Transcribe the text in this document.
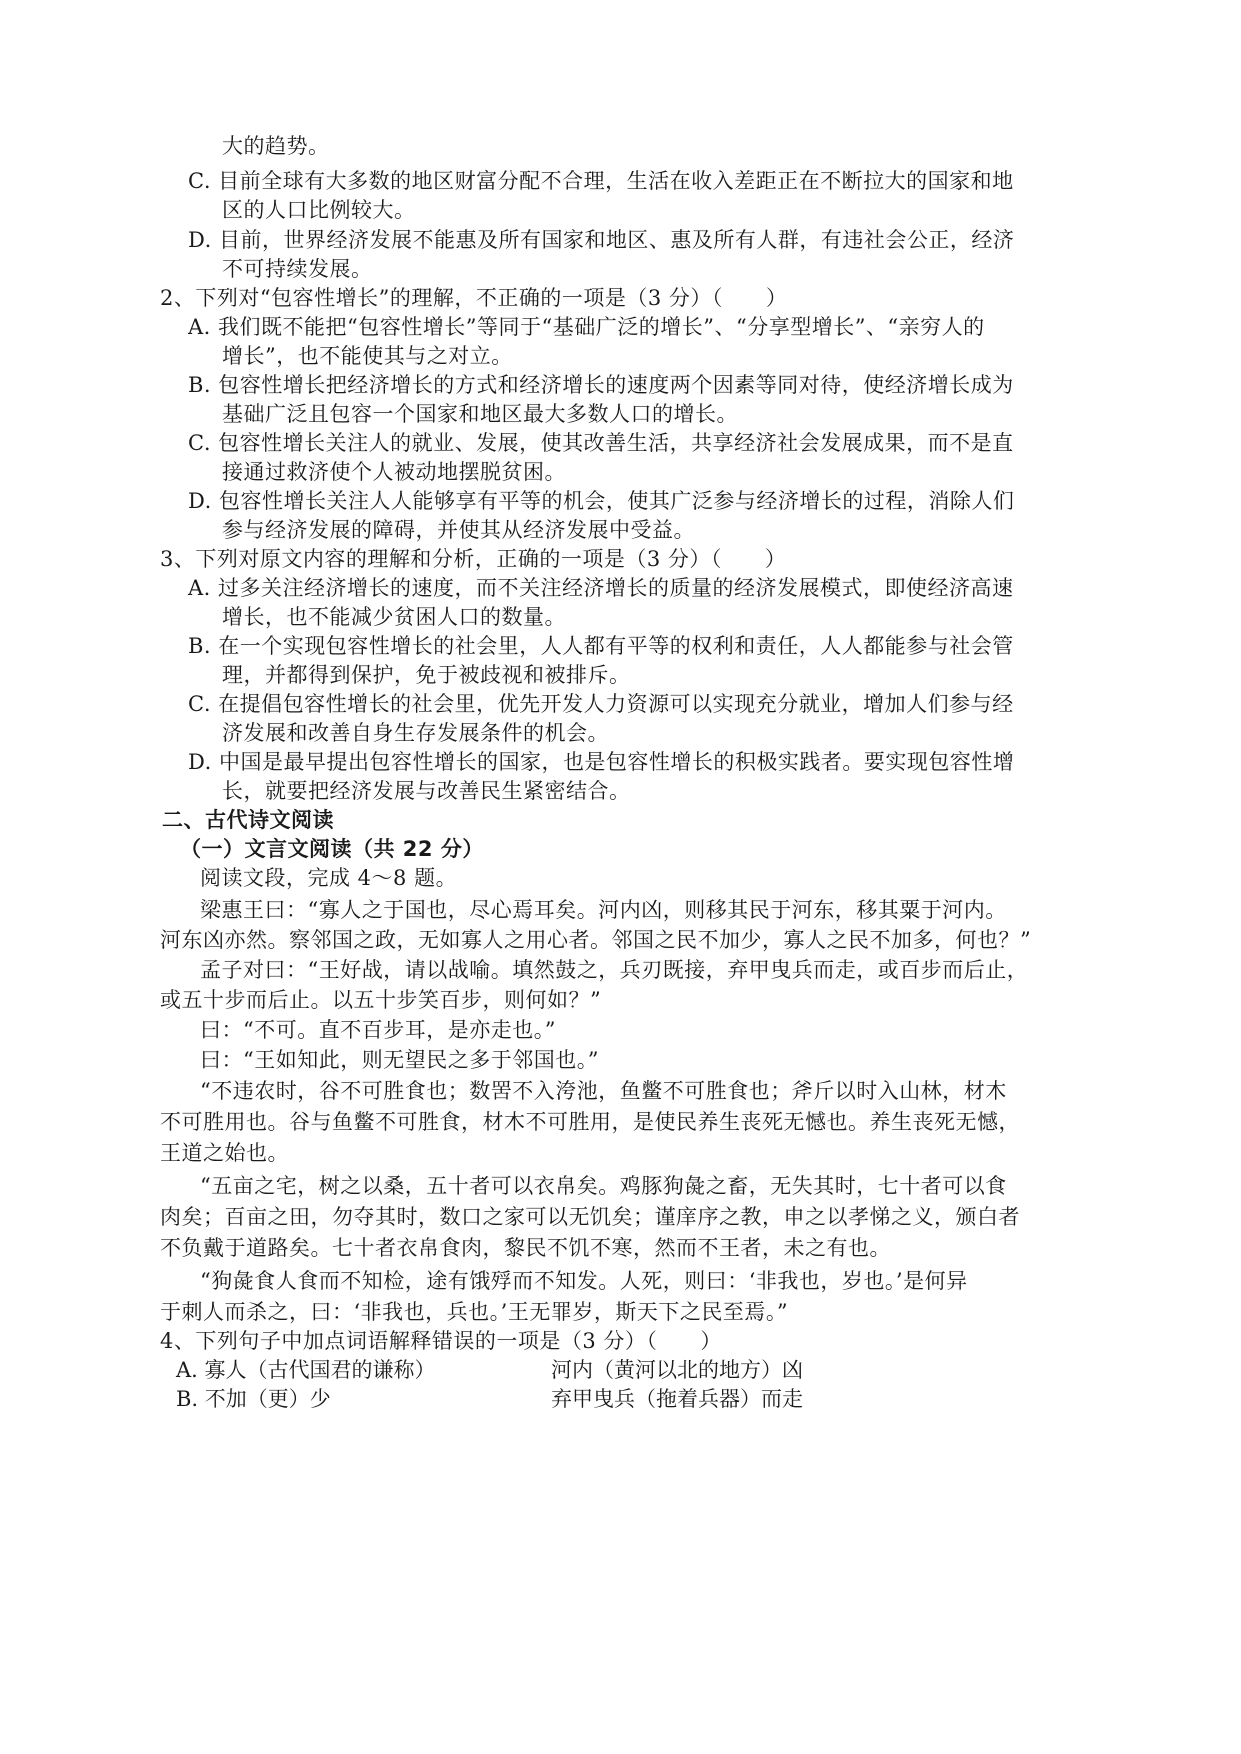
大的趋势。
C. 目前全球有大多数的地区财富分配不合理，生活在收入差距正在不断拉大的国家和地
区的人口比例较大。
D. 目前，世界经济发展不能惠及所有国家和地区、惠及所有人群，有违社会公正，经济
不可持续发展。
2、下列对“包容性增长”的理解，不正确的一项是（3 分）（　　）
A. 我们既不能把“包容性增长”等同于“基础广泛的增长”、“分享型增长”、“亲穷人的
增长”，也不能使其与之对立。
B. 包容性增长把经济增长的方式和经济增长的速度两个因素等同对待，使经济增长成为
基础广泛且包容一个国家和地区最大多数人口的增长。
C. 包容性增长关注人的就业、发展，使其改善生活，共享经济社会发展成果，而不是直
接通过救济使个人被动地摆脱贫困。
D. 包容性增长关注人人能够享有平等的机会，使其广泛参与经济增长的过程，消除人们
参与经济发展的障碍，并使其从经济发展中受益。
3、下列对原文内容的理解和分析，正确的一项是（3 分）（　　）
A. 过多关注经济增长的速度，而不关注经济增长的质量的经济发展模式，即使经济高速
增长，也不能减少贫困人口的数量。
B. 在一个实现包容性增长的社会里，人人都有平等的权利和责任，人人都能参与社会管
理，并都得到保护，免于被歧视和被排斥。
C. 在提倡包容性增长的社会里，优先开发人力资源可以实现充分就业，增加人们参与经
济发展和改善自身生存发展条件的机会。
D. 中国是最早提出包容性增长的国家，也是包容性增长的积极实践者。要实现包容性增
长，就要把经济发展与改善民生紧密结合。
二、古代诗文阅读
（一）文言文阅读（共 22 分）
阅读文段，完成 4～8 题。
梁惠王曰：“寡人之于国也，尽心焉耳矣。河内凶，则移其民于河东，移其粟于河内。
河东凶亦然。察邻国之政，无如寡人之用心者。邻国之民不加少，寡人之民不加多，何也？”
孟子对曰：“王好战，请以战喻。填然鼓之，兵刃既接，弃甲曳兵而走，或百步而后止，
或五十步而后止。以五十步笑百步，则何如？”
曰：“不可。直不百步耳，是亦走也。”
曰：“王如知此，则无望民之多于邻国也。”
“不违农时，谷不可胜食也；数罟不入洿池，鱼鳖不可胜食也；斧斤以时入山林，材木
不可胜用也。谷与鱼鳖不可胜食，材木不可胜用，是使民养生丧死无憾也。养生丧死无憾，
王道之始也。
“五亩之宅，树之以桑，五十者可以衣帛矣。鸡豚狗彘之畜，无失其时，七十者可以食
肉矣；百亩之田，勿夺其时，数口之家可以无饥矣；谨庠序之教，申之以孝悌之义，颁白者
不负戴于道路矣。七十者衣帛食肉，黎民不饥不寒，然而不王者，未之有也。
“狗彘食人食而不知检，途有饿殍而不知发。人死，则曰：‘非我也，岁也。’是何异
于刺人而杀之，曰：‘非我也，兵也。’王无罪岁，斯天下之民至焉。”
4、下列句子中加点词语解释错误的一项是（3 分）（　　）
A. 寡人（古代国君的谦称）	河内（黄河以北的地方）凶
B. 不加（更）少	弃甲曳兵（拖着兵器）而走
